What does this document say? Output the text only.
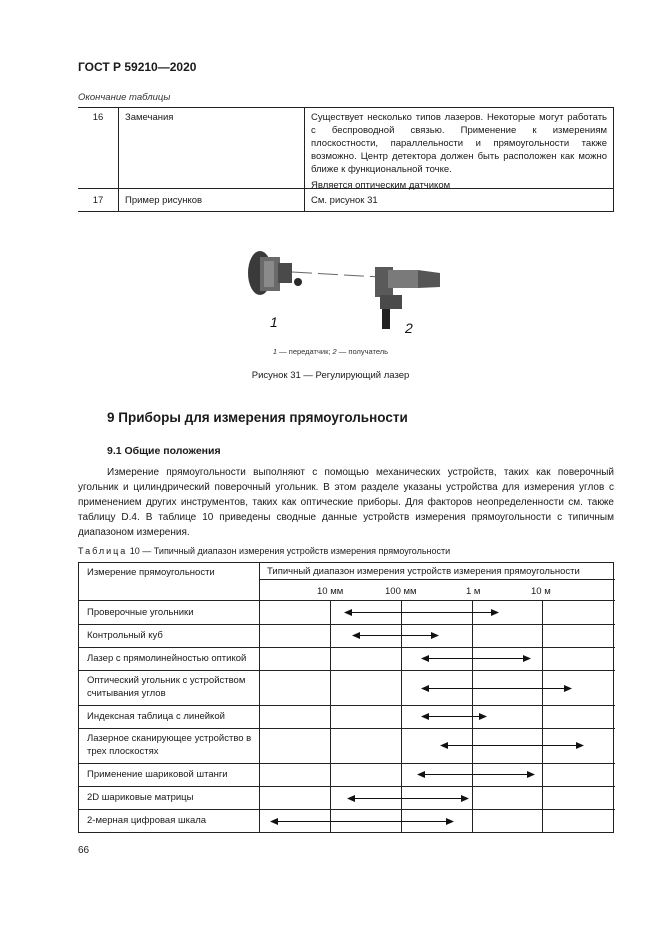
ГОСТ Р 59210—2020
Окончание таблицы
16	Замечания	Существует несколько типов лазеров. Некоторые могут работать с беспроводной связью. Применение к измерениям плоскостности, параллельности и прямоугольности также возможно. Центр детектора должен быть расположен как можно ближе к функциональной точке.

Является оптическим датчиком

17	Пример рисунков	См. рисунок 31
1	2
1 — передатчик; 2 — получатель
Рисунок 31 — Регулирующий лазер
9 Приборы для измерения прямоугольности
9.1 Общие положения
Измерение прямоугольности выполняют с помощью механических устройств, таких как поверочный угольник и цилиндрический поверочный угольник. В этом разделе указаны устройства для измерения углов с применением других инструментов, таких как оптические приборы. Для факторов неопределенности см. также таблицу D.4. В таблице 10 приведены сводные данные устройств измерения прямоугольности с типичным диапазоном измерения.
Таблица 10 — Типичный диапазон измерения устройств измерения прямоугольности
Измерение прямоугольности	Типичный диапазон измерения устройств измерения прямоугольности
10 мм	100 мм	1 м	10 м
Проверочные угольники
Контрольный куб
Лазер с прямолинейностью оптикой
Оптический угольник с устройством считывания углов
Индексная таблица с линейкой
Лазерное сканирующее устройство в трех плоскостях
Применение шариковой штанги
2D шариковые матрицы
2-мерная цифровая шкала
66
